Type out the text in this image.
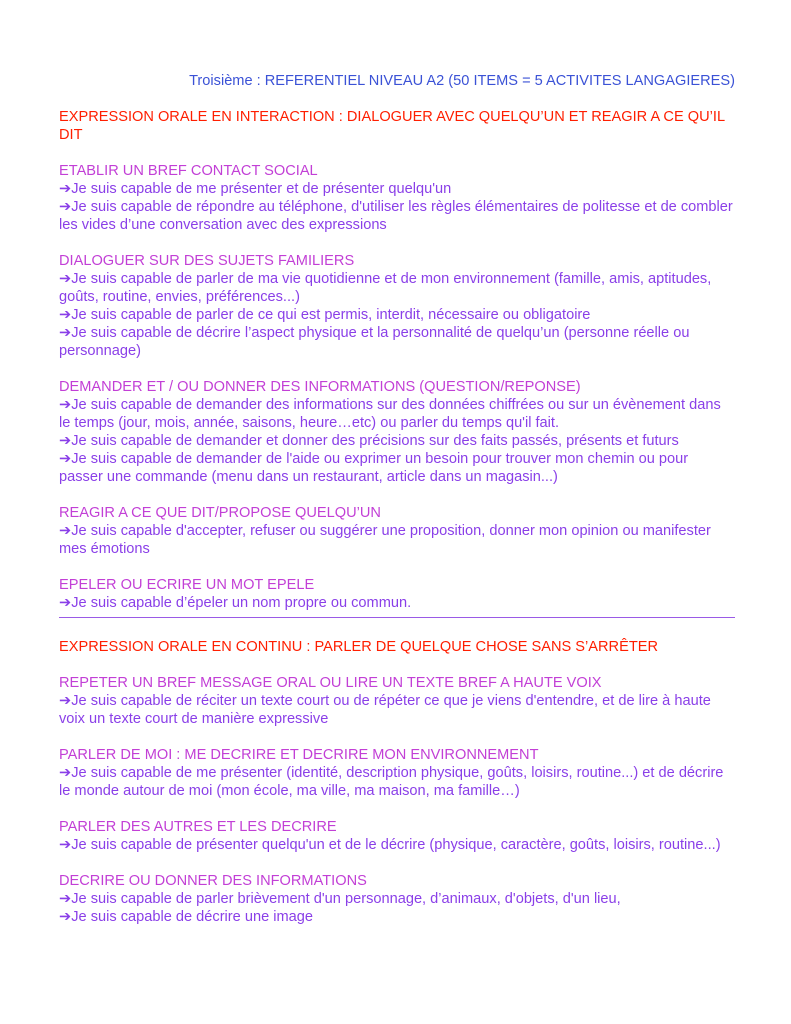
Troisième : REFERENTIEL NIVEAU A2 (50 ITEMS = 5 ACTIVITES LANGAGIERES)

EXPRESSION ORALE EN INTERACTION : DIALOGUER AVEC QUELQU’UN ET REAGIR A CE QU’IL DIT

ETABLIR UN BREF CONTACT SOCIAL

➔Je suis capable de me présenter et de présenter quelqu'un

➔Je suis capable de répondre au téléphone, d'utiliser les règles élémentaires de politesse et de combler les vides d’une conversation avec des expressions

DIALOGUER SUR DES SUJETS FAMILIERS

➔Je suis capable de parler de ma vie quotidienne et de mon environnement (famille, amis, aptitudes, goûts, routine, envies, préférences...)

➔Je suis capable de parler de ce qui est permis, interdit, nécessaire ou obligatoire

➔Je suis capable de décrire l’aspect physique et la personnalité de quelqu’un (personne réelle ou personnage)

DEMANDER ET / OU DONNER DES INFORMATIONS (QUESTION/REPONSE)

➔Je suis capable de demander des informations sur des données chiffrées ou sur un évènement dans le temps (jour, mois, année, saisons, heure…etc) ou parler du temps qu'il fait.

➔Je suis capable de demander et donner des précisions sur des faits passés, présents et futurs

➔Je suis capable de demander de l'aide ou exprimer un besoin pour trouver mon chemin ou pour passer une commande (menu dans un restaurant, article dans un magasin...)

REAGIR A CE QUE DIT/PROPOSE QUELQU’UN

➔Je suis capable d'accepter, refuser ou suggérer une proposition, donner mon opinion ou manifester mes émotions

EPELER OU ECRIRE UN MOT EPELE

➔Je suis capable d’épeler un nom propre ou commun.

EXPRESSION ORALE EN CONTINU : PARLER DE QUELQUE CHOSE SANS S’ARRÊTER

REPETER UN BREF MESSAGE ORAL OU LIRE UN TEXTE BREF A HAUTE VOIX

➔Je suis capable de réciter un texte court ou de répéter ce que je viens d'entendre, et de lire à haute voix un texte court de manière expressive

PARLER DE MOI : ME DECRIRE ET DECRIRE MON ENVIRONNEMENT

➔Je suis capable de me présenter (identité, description physique, goûts, loisirs, routine...) et de décrire le monde autour de moi (mon école, ma ville, ma maison, ma famille…)

PARLER DES AUTRES ET LES DECRIRE

➔Je suis capable de présenter quelqu'un et de le décrire (physique, caractère, goûts, loisirs, routine...)

DECRIRE OU DONNER DES INFORMATIONS

➔Je suis capable de parler brièvement d'un personnage, d’animaux, d'objets, d'un lieu,

➔Je suis capable de décrire une image
